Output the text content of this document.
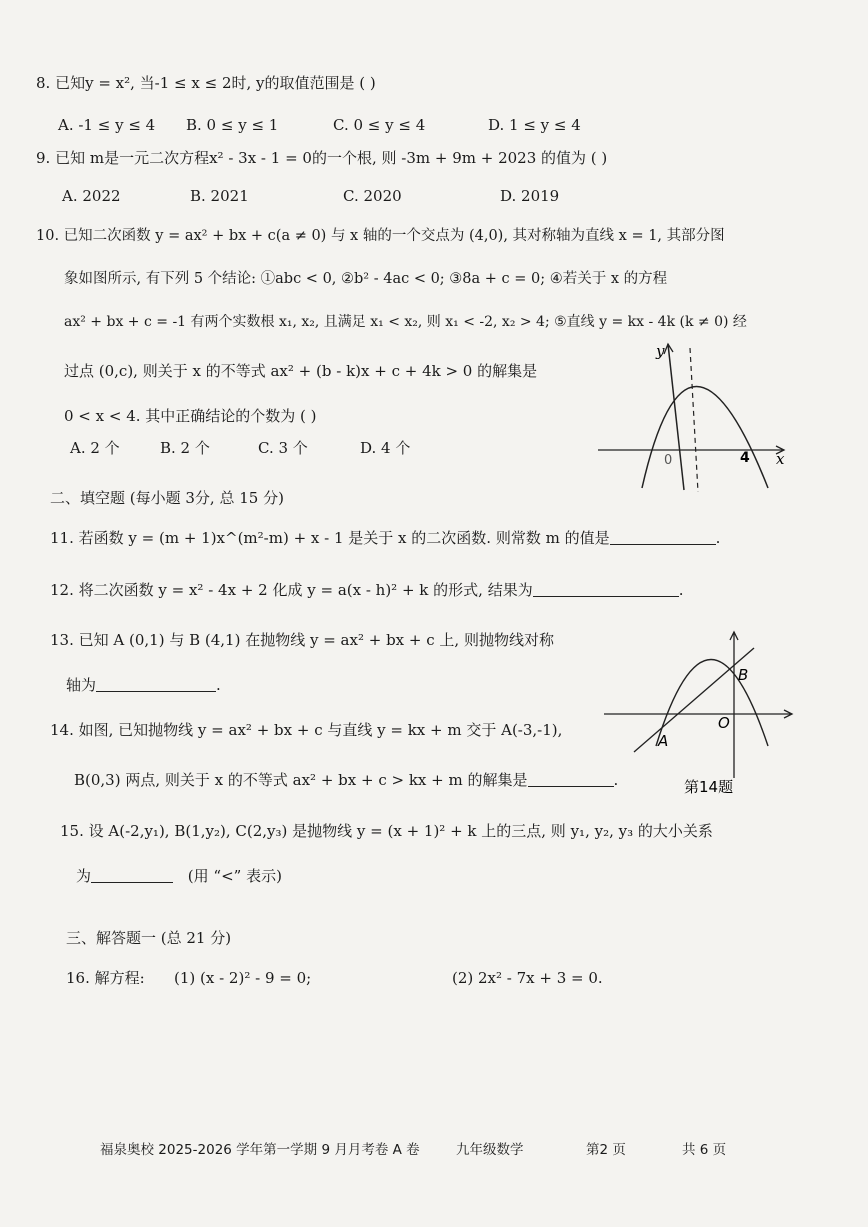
8. 已知y = x², 当-1 ≤ x ≤ 2时, y的取值范围是 ( )
A. -1 ≤ y ≤ 4 B. 0 ≤ y ≤ 1	C. 0 ≤ y ≤ 4	D. 1 ≤ y ≤ 4
9. 已知 m是一元二次方程x² - 3x - 1 = 0的一个根, 则 -3m + 9m + 2023 的值为 ( )
A. 2022	B. 2021	C. 2020	D. 2019
10. 已知二次函数 y = ax² + bx + c(a ≠ 0) 与 x 轴的一个交点为 (4,0), 其对称轴为直线 x = 1, 其部分图
象如图所示, 有下列 5 个结论: ①abc < 0, ②b² - 4ac < 0; ③8a + c = 0; ④若关于 x 的方程
ax² + bx + c = -1 有两个实数根 x₁, x₂, 且满足 x₁ < x₂, 则 x₁ < -2, x₂ > 4; ⑤直线 y = kx - 4k (k ≠ 0) 经
过点 (0,c), 则关于 x 的不等式 ax² + (b - k)x + c + 4k > 0 的解集是
0 < x < 4. 其中正确结论的个数为 ( )
A. 2 个	B. 2 个	C. 3 个	D. 4 个
y
x
0	4
二、填空题 (每小题 3分, 总 15 分)
11. 若函数 y = (m + 1)x^(m²-m) + x - 1 是关于 x 的二次函数. 则常数 m 的值是	.
12. 将二次函数 y = x² - 4x + 2 化成 y = a(x - h)² + k 的形式, 结果为	.
13. 已知 A (0,1) 与 B (4,1) 在抛物线 y = ax² + bx + c 上, 则抛物线对称
轴为	.
14. 如图, 已知抛物线 y = ax² + bx + c 与直线 y = kx + m 交于 A(-3,-1),
B(0,3) 两点, 则关于 x 的不等式 ax² + bx + c > kx + m 的解集是	.
A
B
O
第14题
15. 设 A(-2,y₁), B(1,y₂), C(2,y₃) 是抛物线 y = (x + 1)² + k 上的三点, 则 y₁, y₂, y₃ 的大小关系
为	(用 “<” 表示)
三、解答题一 (总 21 分)
16. 解方程: (1) (x - 2)² - 9 = 0;	(2) 2x² - 7x + 3 = 0.
福泉奥校 2025-2026 学年第一学期 9 月月考卷 A 卷	九年级数学	第2 页	共 6 页
